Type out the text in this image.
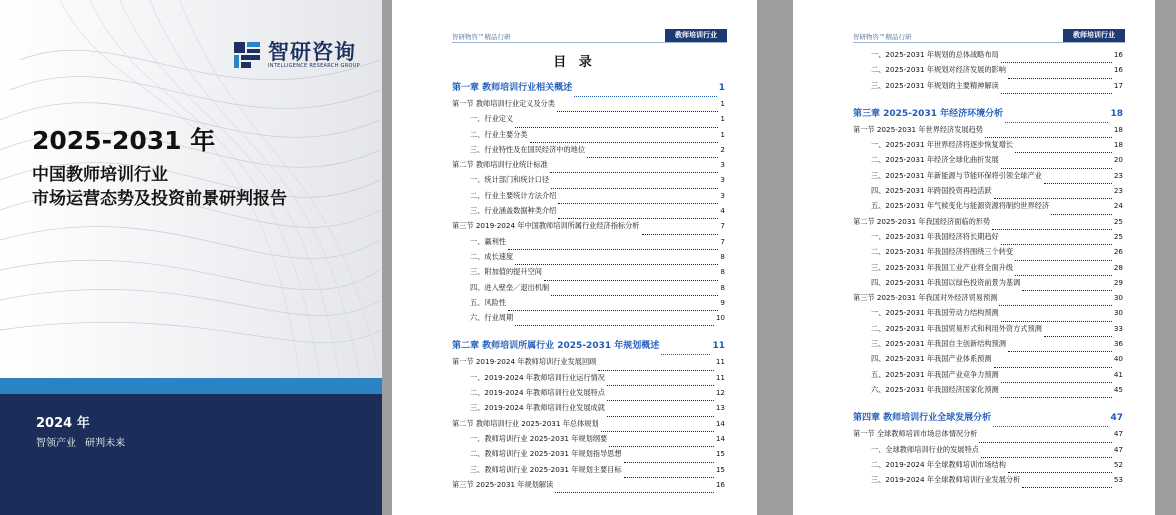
智研咨询
INTELLIGENCE RESEARCH GROUP
2025-2031 年
中国教师培训行业
市场运营态势及投资前景研判报告
2024 年
智领产业 研判未来
智研物咨™精品行研	教师培训行业
目 录
第一章 教师培训行业相关概述	1
第一节 教师培训行业定义及分类	1
一、行业定义	1
二、行业主要分类	1
三、行业特性及在国民经济中的地位	2
第二节 教师培训行业统计标准	3
一、统计部门和统计口径	3
二、行业主要统计方法介绍	3
三、行业涵盖数据种类介绍	4
第三节 2019-2024 年中国教师培训所属行业经济指标分析	7
一、赢利性	7
二、成长速度	8
三、附加值的提升空间	8
四、进入壁垒／退出机制	8
五、风险性	9
六、行业周期	10
第二章 教师培训所属行业 2025-2031 年规划概述	11
第一节 2019-2024 年教师培训行业发展回顾	11
一、2019-2024 年教师培训行业运行情况	11
二、2019-2024 年教师培训行业发展特点	12
三、2019-2024 年教师培训行业发展成就	13
第二节 教师培训行业 2025-2031 年总体规划	14
一、教师培训行业 2025-2031 年规划纲要	14
二、教师培训行业 2025-2031 年规划指导思想	15
三、教师培训行业 2025-2031 年规划主要目标	15
第三节 2025-2031 年规划解读	16
智研物咨™精品行研	教师培训行业
一、2025-2031 年规划的总体战略布局	16
二、2025-2031 年规划对经济发展的影响	16
三、2025-2031 年规划的主要精神解读	17
第三章 2025-2031 年经济环境分析	18
第一节 2025-2031 年世界经济发展趋势	18
一、2025-2031 年世界经济将逐步恢复增长	18
二、2025-2031 年经济全球化曲折发展	20
三、2025-2031 年新能源与节能环保将引领全球产业	23
四、2025-2031 年跨国投资再趋活跃	23
五、2025-2031 年气候变化与能源资源将制约世界经济	24
第二节 2025-2031 年我国经济面临的形势	25
一、2025-2031 年我国经济将长期趋好	25
二、2025-2031 年我国经济将围绕三个转变	26
三、2025-2031 年我国工业产业将全面升级	28
四、2025-2031 年我国以绿色投资前景为基调	29
第三节 2025-2031 年我国对外经济贸易预测	30
一、2025-2031 年我国劳动力结构预测	30
二、2025-2031 年我国贸易形式和利用外资方式预测	33
三、2025-2031 年我国自主创新结构预测	36
四、2025-2031 年我国产业体系预测	40
五、2025-2031 年我国产业竞争力预测	41
六、2025-2031 年我国经济国家化预测	45
第四章 教师培训行业全球发展分析	47
第一节 全球教师培训市场总体情况分析	47
一、全球教师培训行业的发展特点	47
二、2019-2024 年全球教师培训市场结构	52
三、2019-2024 年全球教师培训行业发展分析	53
